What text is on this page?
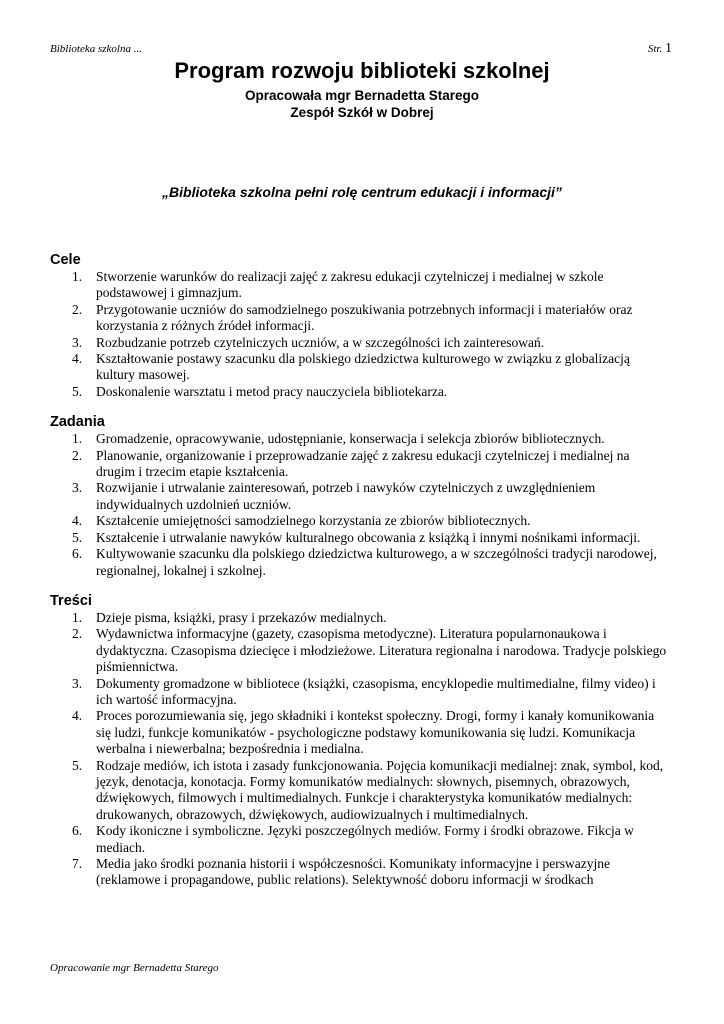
Biblioteka szkolna ...	Str. 1
Program rozwoju biblioteki szkolnej
Opracowała mgr Bernadetta Starego
Zespół Szkół w Dobrej
„Biblioteka szkolna pełni rolę centrum edukacji i informacji”
Cele
1. Stworzenie warunków do realizacji zajęć z zakresu edukacji czytelniczej i medialnej w szkole podstawowej i gimnazjum.
2. Przygotowanie uczniów do samodzielnego poszukiwania potrzebnych informacji i materiałów oraz korzystania z różnych źródeł informacji.
3. Rozbudzanie potrzeb czytelniczych uczniów, a w szczególności ich zainteresowań.
4. Kształtowanie postawy szacunku dla polskiego dziedzictwa kulturowego w związku z globalizacją kultury masowej.
5. Doskonalenie warsztatu i metod pracy nauczyciela bibliotekarza.
Zadania
1. Gromadzenie, opracowywanie, udostępnianie, konserwacja i selekcja zbiorów bibliotecznych.
2. Planowanie, organizowanie i przeprowadzanie zajęć z zakresu edukacji czytelniczej i medialnej na drugim i trzecim etapie kształcenia.
3. Rozwijanie i utrwalanie zainteresowań, potrzeb i nawyków czytelniczych z uwzględnieniem indywidualnych uzdolnień uczniów.
4. Kształcenie umiejętności samodzielnego korzystania ze zbiorów bibliotecznych.
5. Kształcenie i utrwalanie nawyków kulturalnego obcowania z książką i innymi nośnikami informacji.
6. Kultywowanie szacunku dla polskiego dziedzictwa kulturowego, a w szczególności tradycji narodowej, regionalnej, lokalnej i szkolnej.
Treści
1. Dzieje pisma, książki, prasy i przekazów medialnych.
2. Wydawnictwa informacyjne (gazety, czasopisma metodyczne). Literatura popularnonaukowa i dydaktyczna. Czasopisma dziecięce i młodzieżowe. Literatura regionalna i narodowa. Tradycje polskiego piśmiennictwa.
3. Dokumenty gromadzone w bibliotece (książki, czasopisma, encyklopedie multimedialne, filmy video) i ich wartość informacyjna.
4. Proces porozumiewania się, jego składniki i kontekst społeczny. Drogi, formy i kanały komunikowania się ludzi, funkcje komunikatów - psychologiczne podstawy komunikowania się ludzi. Komunikacja werbalna i niewerbalna; bezpośrednia i medialna.
5. Rodzaje mediów, ich istota i zasady funkcjonowania. Pojęcia komunikacji medialnej: znak, symbol, kod, język, denotacja, konotacja. Formy komunikatów medialnych: słownych, pisemnych, obrazowych, dźwiękowych, filmowych i multimedialnych. Funkcje i charakterystyka komunikatów medialnych: drukowanych, obrazowych, dźwiękowych, audiowizualnych i multimedialnych.
6. Kody ikoniczne i symboliczne. Języki poszczególnych mediów. Formy i środki obrazowe. Fikcja w mediach.
7. Media jako środki poznania historii i współczesności. Komunikaty informacyjne i perswazyjne (reklamowe i propagandowe, public relations). Selektywność doboru informacji w środkach
Opracowanie mgr Bernadetta Starego
